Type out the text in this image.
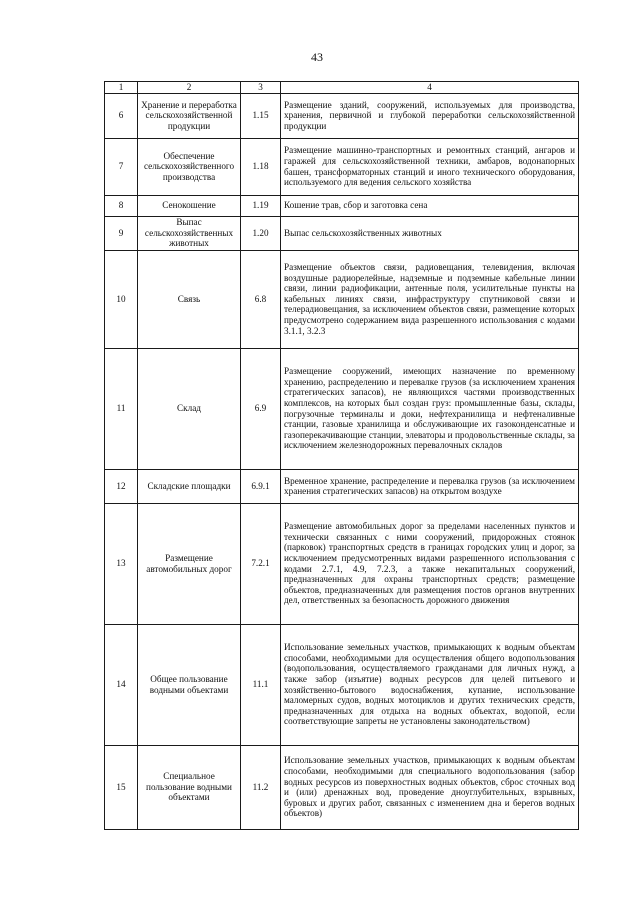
43
1	2	3	4
6	Хранение и переработка сельскохозяйственной продукции	1.15	Размещение зданий, сооружений, используемых для производства, хранения, первичной и глубокой переработки сельскохозяйственной продукции
7	Обеспечение сельскохозяйственного производства	1.18	Размещение машинно-транспортных и ремонтных станций, ангаров и гаражей для сельскохозяйственной техники, амбаров, водонапорных башен, трансформаторных станций и иного технического оборудования, используемого для ведения сельского хозяйства
8	Сенокошение	1.19	Кошение трав, сбор и заготовка сена
9	Выпас сельскохозяйственных животных	1.20	Выпас сельскохозяйственных животных
10	Связь	6.8	Размещение объектов связи, радиовещания, телевидения, включая воздушные радиорелейные, надземные и подземные кабельные линии связи, линии радиофикации, антенные поля, усилительные пункты на кабельных линиях связи, инфраструктуру спутниковой связи и телерадиовещания, за исключением объектов связи, размещение которых предусмотрено содержанием вида разрешенного использования с кодами 3.1.1, 3.2.3
11	Склад	6.9	Размещение сооружений, имеющих назначение по временному хранению, распределению и перевалке грузов (за исключением хранения стратегических запасов), не являющихся частями производственных комплексов, на которых был создан груз: промышленные базы, склады, погрузочные терминалы и доки, нефтехранилища и нефтеналивные станции, газовые хранилища и обслуживающие их газоконденсатные и газоперекачивающие станции, элеваторы и продовольственные склады, за исключением железнодорожных перевалочных складов
12	Складские площадки	6.9.1	Временное хранение, распределение и перевалка грузов (за исключением хранения стратегических запасов) на открытом воздухе
13	Размещение автомобильных дорог	7.2.1	Размещение автомобильных дорог за пределами населенных пунктов и технически связанных с ними сооружений, придорожных стоянок (парковок) транспортных средств в границах городских улиц и дорог, за исключением предусмотренных видами разрешенного использования с кодами 2.7.1, 4.9, 7.2.3, а также некапитальных сооружений, предназначенных для охраны транспортных средств; размещение объектов, предназначенных для размещения постов органов внутренних дел, ответственных за безопасность дорожного движения
14	Общее пользование водными объектами	11.1	Использование земельных участков, примыкающих к водным объектам способами, необходимыми для осуществления общего водопользования (водопользования, осуществляемого гражданами для личных нужд, а также забор (изъятие) водных ресурсов для целей питьевого и хозяйственно-бытового водоснабжения, купание, использование маломерных судов, водных мотоциклов и других технических средств, предназначенных для отдыха на водных объектах, водопой, если соответствующие запреты не установлены законодательством)
15	Специальное пользование водными объектами	11.2	Использование земельных участков, примыкающих к водным объектам способами, необходимыми для специального водопользования (забор водных ресурсов из поверхностных водных объектов, сброс сточных вод и (или) дренажных вод, проведение дноуглубительных, взрывных, буровых и других работ, связанных с изменением дна и берегов водных объектов)
